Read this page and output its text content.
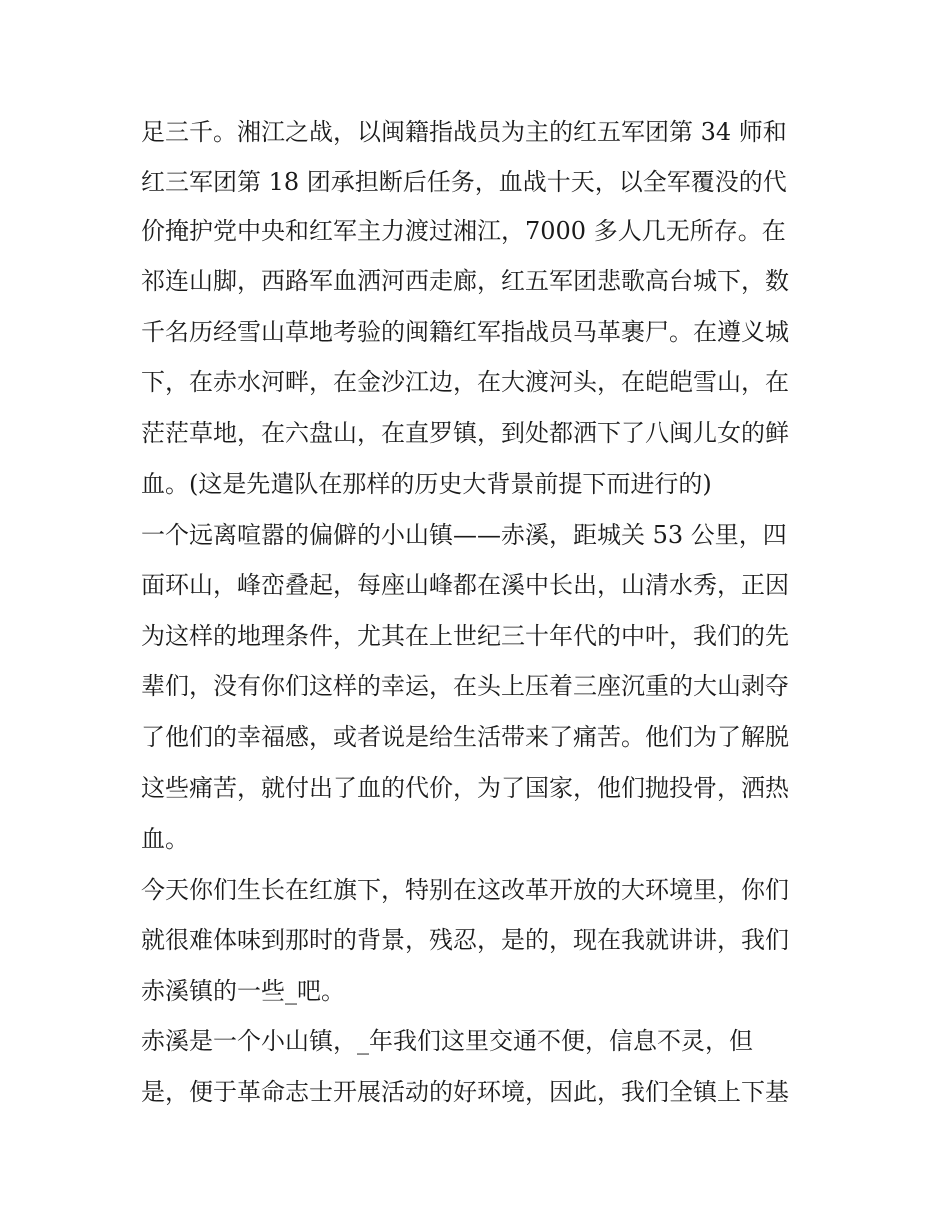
足三千。湘江之战，以闽籍指战员为主的红五军团第 34 师和
红三军团第 18 团承担断后任务，血战十天，以全军覆没的代
价掩护党中央和红军主力渡过湘江，7000 多人几无所存。在
祁连山脚，西路军血洒河西走廊，红五军团悲歌高台城下，数
千名历经雪山草地考验的闽籍红军指战员马革裹尸。在遵义城
下，在赤水河畔，在金沙江边，在大渡河头，在皑皑雪山，在
茫茫草地，在六盘山，在直罗镇，到处都洒下了八闽儿女的鲜
血。(这是先遣队在那样的历史大背景前提下而进行的)
一个远离喧嚣的偏僻的小山镇——赤溪，距城关 53 公里，四
面环山，峰峦叠起，每座山峰都在溪中长出，山清水秀，正因
为这样的地理条件，尤其在上世纪三十年代的中叶，我们的先
辈们，没有你们这样的幸运，在头上压着三座沉重的大山剥夺
了他们的幸福感，或者说是给生活带来了痛苦。他们为了解脱
这些痛苦，就付出了血的代价，为了国家，他们抛投骨，洒热
血。
今天你们生长在红旗下，特别在这改革开放的大环境里，你们
就很难体味到那时的背景，残忍，是的，现在我就讲讲，我们
赤溪镇的一些_吧。
赤溪是一个小山镇，_年我们这里交通不便，信息不灵，但
是，便于革命志士开展活动的好环境，因此，我们全镇上下基
